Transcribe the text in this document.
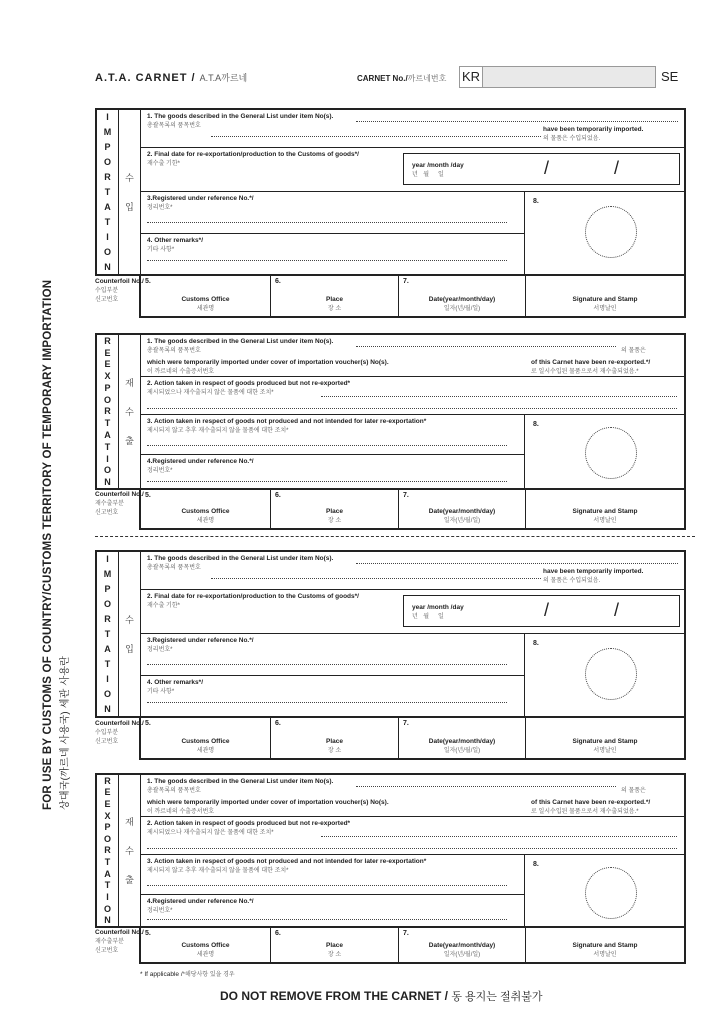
A.T.A. CARNET / A.T.A까르네	CARNET No./까르네번호 KR	SE
FOR USE BY CUSTOMS OF COUNTRY/CUSTOMS TERRITORY OF TEMPORARY IMPORTATION 상대국(까르네 사용국) 세관 사용란
I
M
P
O
R
T
A
T
I
O
N
수
입
1. The goods described in the General List under item No(s).
총괄목록의 품목번호	have been temporarily imported.
의 물품은 수입되었음.
2. Final date for re-exportation/production to the Customs of goods*/
재수출 기한*	year /month /day
년 월 일	/	/
3.Registered under reference No.*/
정리번호*
4. Other remarks*/
기타 사항*
8.
Counterfoil No./
수입부분
신고번호
5.
Customs Office
세관명
6.
Place
장 소
7.
Date(year/month/day)
일자(년/월/일)
Signature and Stamp
서명날인
R
E
E
X
P
O
R
T
A
T
I
O
N
재
수
출
1. The goods described in the General List under item No(s).
총괄목록의 품목번호	의 물품은
which were temporarily imported under cover of importation voucher(s) No(s).
이 까르네의 수출증서번호
of this Carnet have been re-exported.*/
로 일시수입된 물품으로서 재수출되었음.*
2. Action taken in respect of goods produced but not re-exported*
제시되었으나 재수출되지 않은 물품에 대한 조치*
3. Action taken in respect of goods not produced and not intended for later re-exportation*
제시되지 않고 추후 재수출되지 않을 물품에 대한 조치*
4.Registered under reference No.*/
정리번호*
8.
Counterfoil No./
재수출부분
신고번호
5.
Customs Office
세관명
6.
Place
장 소
7.
Date(year/month/day)
일자(년/월/일)
Signature and Stamp
서명날인
I
M
P
O
R
T
A
T
I
O
N
수
입
1. The goods described in the General List under item No(s).
총괄목록의 품목번호	have been temporarily imported.
의 물품은 수입되었음.
2. Final date for re-exportation/production to the Customs of goods*/
재수출 기한*	year /month /day
년 월 일	/	/
3.Registered under reference No.*/
정리번호*
4. Other remarks*/
기타 사항*
8.
Counterfoil No./
수입부분
신고번호
5.
Customs Office
세관명
6.
Place
장 소
7.
Date(year/month/day)
일자(년/월/일)
Signature and Stamp
서명날인
R
E
E
X
P
O
R
T
A
T
I
O
N
재
수
출
1. The goods described in the General List under item No(s).
총괄목록의 품목번호	의 물품은
which were temporarily imported under cover of importation voucher(s) No(s).
이 까르네의 수출증서번호
of this Carnet have been re-exported.*/
로 일시수입된 물품으로서 재수출되었음.*
2. Action taken in respect of goods produced but not re-exported*
제시되었으나 재수출되지 않은 물품에 대한 조치*
3. Action taken in respect of goods not produced and not intended for later re-exportation*
제시되지 않고 추후 재수출되지 않을 물품에 대한 조치*
4.Registered under reference No.*/
정리번호*
8.
Counterfoil No./
재수출부분
신고번호
5.
Customs Office
세관명
6.
Place
장 소
7.
Date(year/month/day)
일자(년/월/일)
Signature and Stamp
서명날인
* If applicable /*해당사항 있을 경우
DO NOT REMOVE FROM THE CARNET / 동 용지는 절취불가
